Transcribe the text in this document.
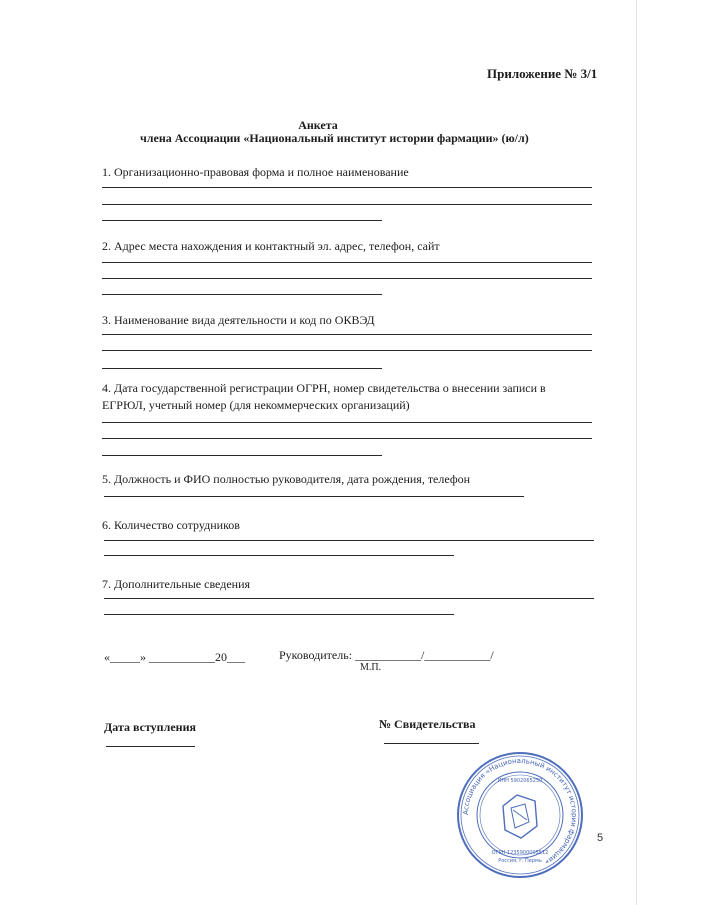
Приложение № 3/1
Анкета
члена Ассоциации «Национальный институт истории фармации» (ю/л)
1. Организационно-правовая форма и полное наименование
2. Адрес места нахождения и контактный эл. адрес, телефон, сайт
3. Наименование вида деятельности и код по ОКВЭД
4. Дата государственной регистрации ОГРН, номер свидетельства о внесении записи в
ЕГРЮЛ, учетный номер (для некоммерческих организаций)
5. Должность и ФИО полностью руководителя, дата рождения, телефон
6. Количество сотрудников
7. Дополнительные сведения
«_____» ___________20___	Руководитель: ___________/___________/
М.П.
Дата вступления	№ Свидетельства
Ассоциация «Национальный институт истории фармации»
ИНН 5902065250
ОГРН 1235900005512
Россия, г. Пермь
5
